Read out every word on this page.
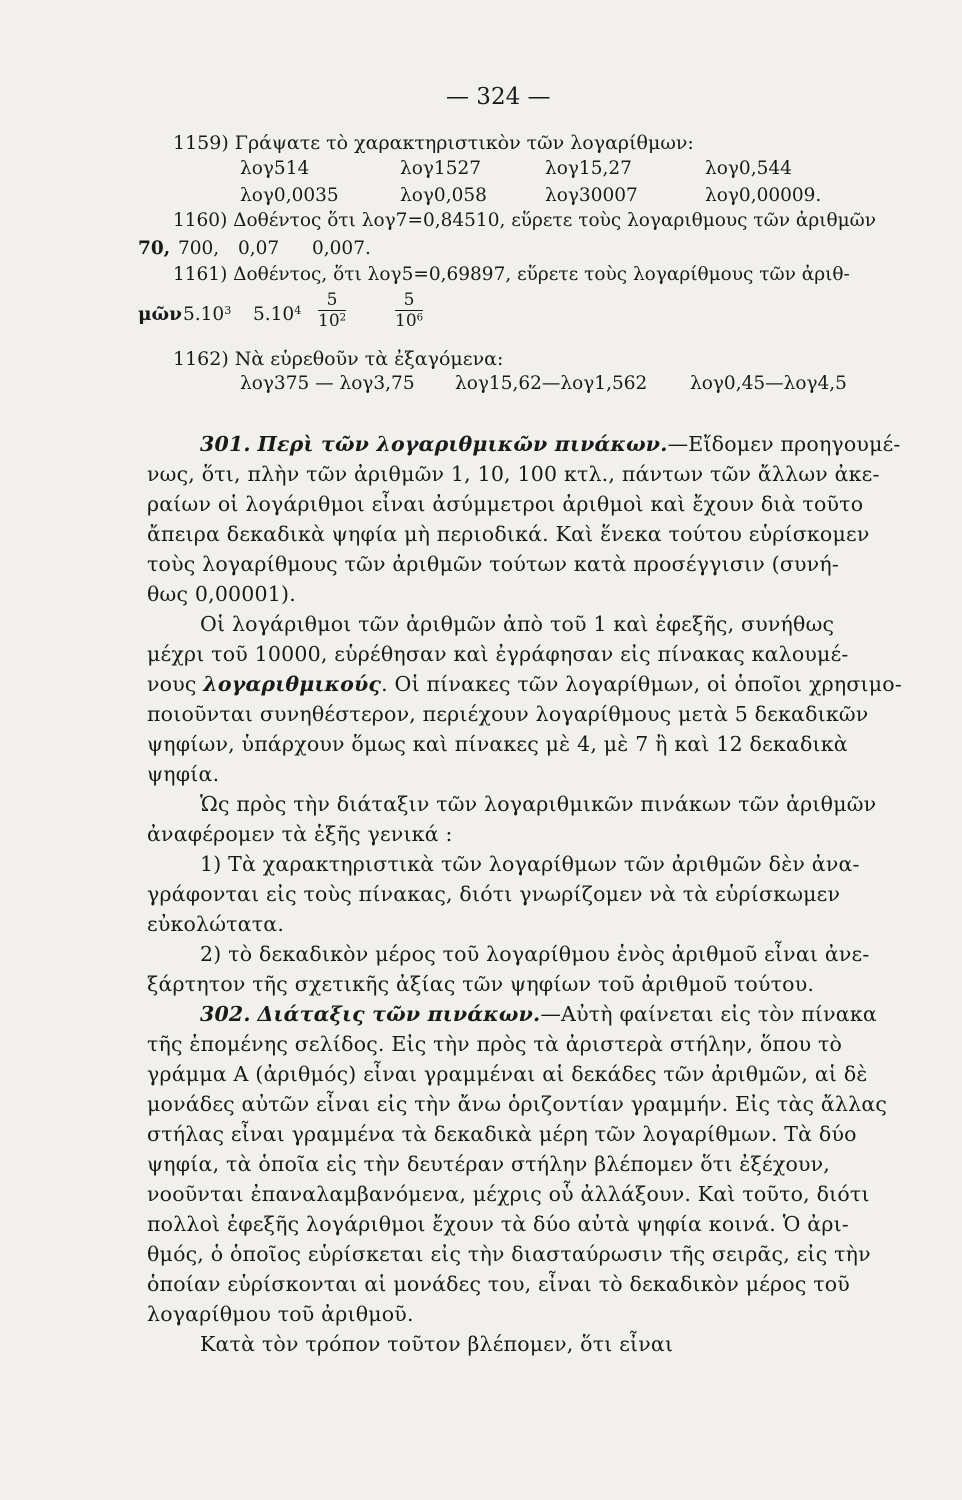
— 324 —
1159) Γράψατε τὸ χαρακτηριστικὸν τῶν λογαρίθμων:
λογ514	λογ1527	λογ15,27	λογ0,544
λογ0,0035	λογ0,058	λογ30007	λογ0,00009.
1160) Δοθέντος ὅτι λογ7=0,84510, εὕρετε τοὺς λογαριθμους τῶν ἀριθμῶν
70, 700, 0,07 0,007.
1161) Δοθέντος, ὅτι λογ5=0,69897, εὕρετε τοὺς λογαρίθμους τῶν ἀριθ-
μῶν 5.10$^3$ $5.10^4 \frac{5}{10^2}$	$\frac{5}{10^6}$
1162) Νὰ εὑρεθοῦν τὰ ἐξαγόμενα:
λογ375 — λογ3,75 λογ15,62—λογ1,562 λογ0,45—λογ4,5
301. Περὶ τῶν λογαριθμικῶν πινάκων.—Εἴδομεν προηγουμέ-
νως, ὅτι, πλὴν τῶν ἀριθμῶν 1, 10, 100 κτλ., πάντων τῶν ἄλλων ἀκε-
ραίων οἱ λογάριθμοι εἶναι ἀσύμμετροι ἀριθμοὶ καὶ ἔχουν διὰ τοῦτο
ἄπειρα δεκαδικὰ ψηφία μὴ περιοδικά. Καὶ ἕνεκα τούτου εὑρίσκομεν
τοὺς λογαρίθμους τῶν ἀριθμῶν τούτων κατὰ προσέγγισιν (συνή-
θως 0,00001).
Οἱ λογάριθμοι τῶν ἀριθμῶν ἀπὸ τοῦ 1 καὶ ἐφεξῆς, συνήθως
μέχρι τοῦ 10000, εὑρέθησαν καὶ ἐγράφησαν εἰς πίνακας καλουμέ-
νους λογαριθμικούς. Οἱ πίνακες τῶν λογαρίθμων, οἱ ὁποῖοι χρησιμο-
ποιοῦνται συνηθέστερον, περιέχουν λογαρίθμους μετὰ 5 δεκαδικῶν
ψηφίων, ὑπάρχουν ὅμως καὶ πίνακες μὲ 4, μὲ 7 ἢ καὶ 12 δεκαδικὰ
ψηφία.
Ὡς πρὸς τὴν διάταξιν τῶν λογαριθμικῶν πινάκων τῶν ἀριθμῶν
ἀναφέρομεν τὰ ἑξῆς γενικά :
1) Τὰ χαρακτηριστικὰ τῶν λογαρίθμων τῶν ἀριθμῶν δὲν ἀνα-
γράφονται εἰς τοὺς πίνακας, διότι γνωρίζομεν νὰ τὰ εὑρίσκωμεν
εὐκολώτατα.
2) τὸ δεκαδικὸν μέρος τοῦ λογαρίθμου ἑνὸς ἀριθμοῦ εἶναι ἀνε-
ξάρτητον τῆς σχετικῆς ἀξίας τῶν ψηφίων τοῦ ἀριθμοῦ τούτου.
302. Διάταξις τῶν πινάκων.—Αὐτὴ φαίνεται εἰς τὸν πίνακα
τῆς ἑπομένης σελίδος. Εἰς τὴν πρὸς τὰ ἀριστερὰ στήλην, ὅπου τὸ
γράμμα Α (ἀριθμός) εἶναι γραμμέναι αἱ δεκάδες τῶν ἀριθμῶν, αἱ δὲ
μονάδες αὐτῶν εἶναι εἰς τὴν ἄνω ὁριζοντίαν γραμμήν. Εἰς τὰς ἄλλας
στήλας εἶναι γραμμένα τὰ δεκαδικὰ μέρη τῶν λογαρίθμων. Τὰ δύο
ψηφία, τὰ ὁποῖα εἰς τὴν δευτέραν στήλην βλέπομεν ὅτι ἐξέχουν,
νοοῦνται ἐπαναλαμβανόμενα, μέχρις οὗ ἀλλάξουν. Καὶ τοῦτο, διότι
πολλοὶ ἐφεξῆς λογάριθμοι ἔχουν τὰ δύο αὐτὰ ψηφία κοινά. Ὁ ἀρι-
θμός, ὁ ὁποῖος εὑρίσκεται εἰς τὴν διασταύρωσιν τῆς σειρᾶς, εἰς τὴν
ὁποίαν εὑρίσκονται αἱ μονάδες του, εἶναι τὸ δεκαδικὸν μέρος τοῦ
λογαρίθμου τοῦ ἀριθμοῦ.
Κατὰ τὸν τρόπον τοῦτον βλέπομεν, ὅτι εἶναι
